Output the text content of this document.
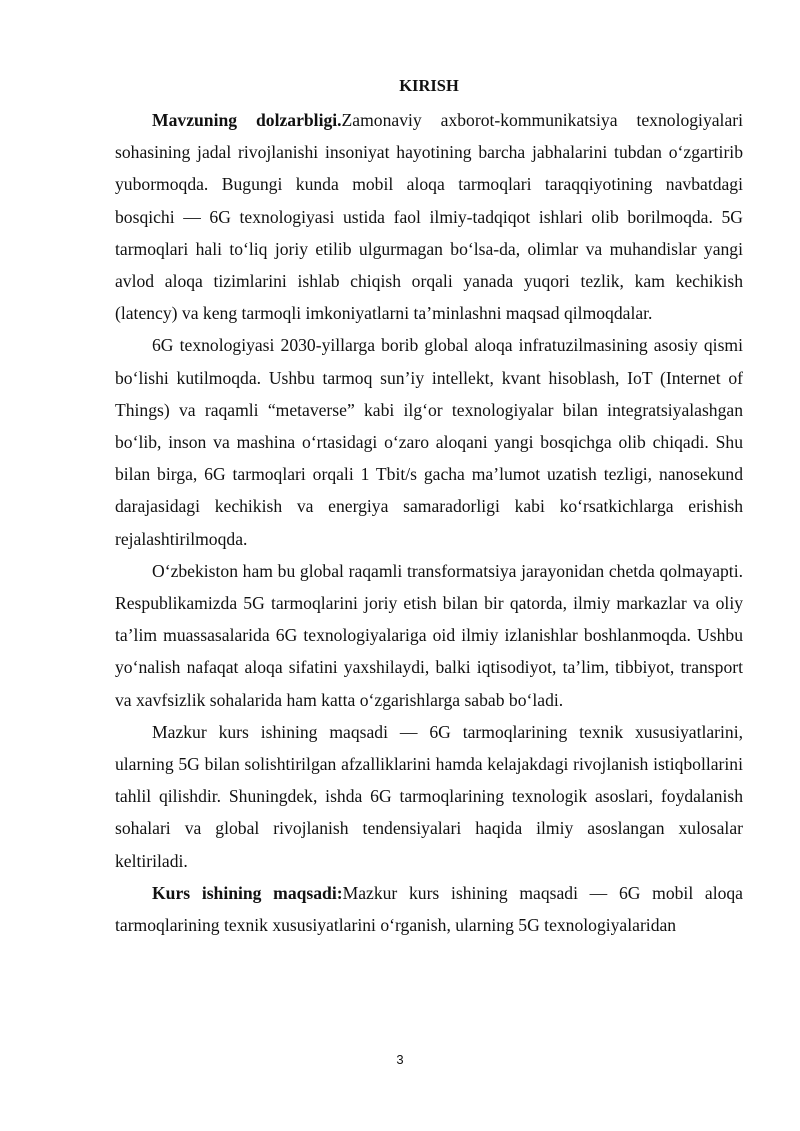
KIRISH

Mavzuning dolzarbligi.Zamonaviy axborot-kommunikatsiya texnologiyalari sohasining jadal rivojlanishi insoniyat hayotining barcha jabhalarini tubdan o‘zgartirib yubormoqda. Bugungi kunda mobil aloqa tarmoqlari taraqqiyotining navbatdagi bosqichi — 6G texnologiyasi ustida faol ilmiy-tadqiqot ishlari olib borilmoqda. 5G tarmoqlari hali to‘liq joriy etilib ulgurmagan bo‘lsa-da, olimlar va muhandislar yangi avlod aloqa tizimlarini ishlab chiqish orqali yanada yuqori tezlik, kam kechikish (latency) va keng tarmoqli imkoniyatlarni ta’minlashni maqsad qilmoqdalar.

6G texnologiyasi 2030-yillarga borib global aloqa infratuzilmasining asosiy qismi bo‘lishi kutilmoqda. Ushbu tarmoq sun’iy intellekt, kvant hisoblash, IoT (Internet of Things) va raqamli “metaverse” kabi ilg‘or texnologiyalar bilan integratsiyalashgan bo‘lib, inson va mashina o‘rtasidagi o‘zaro aloqani yangi bosqichga olib chiqadi. Shu bilan birga, 6G tarmoqlari orqali 1 Tbit/s gacha ma’lumot uzatish tezligi, nanosekund darajasidagi kechikish va energiya samaradorligi kabi ko‘rsatkichlarga erishish rejalashtirilmoqda.

O‘zbekiston ham bu global raqamli transformatsiya jarayonidan chetda qolmayapti. Respublikamizda 5G tarmoqlarini joriy etish bilan bir qatorda, ilmiy markazlar va oliy ta’lim muassasalarida 6G texnologiyalariga oid ilmiy izlanishlar boshlanmoqda. Ushbu yo‘nalish nafaqat aloqa sifatini yaxshilaydi, balki iqtisodiyot, ta’lim, tibbiyot, transport va xavfsizlik sohalarida ham katta o‘zgarishlarga sabab bo‘ladi.

Mazkur kurs ishining maqsadi — 6G tarmoqlarining texnik xususiyatlarini, ularning 5G bilan solishtirilgan afzalliklarini hamda kelajakdagi rivojlanish istiqbollarini tahlil qilishdir. Shuningdek, ishda 6G tarmoqlarining texnologik asoslari, foydalanish sohalari va global rivojlanish tendensiyalari haqida ilmiy asoslangan xulosalar keltiriladi.

Kurs ishining maqsadi:Mazkur kurs ishining maqsadi — 6G mobil aloqa tarmoqlarining texnik xususiyatlarini o‘rganish, ularning 5G texnologiyalaridan

3
